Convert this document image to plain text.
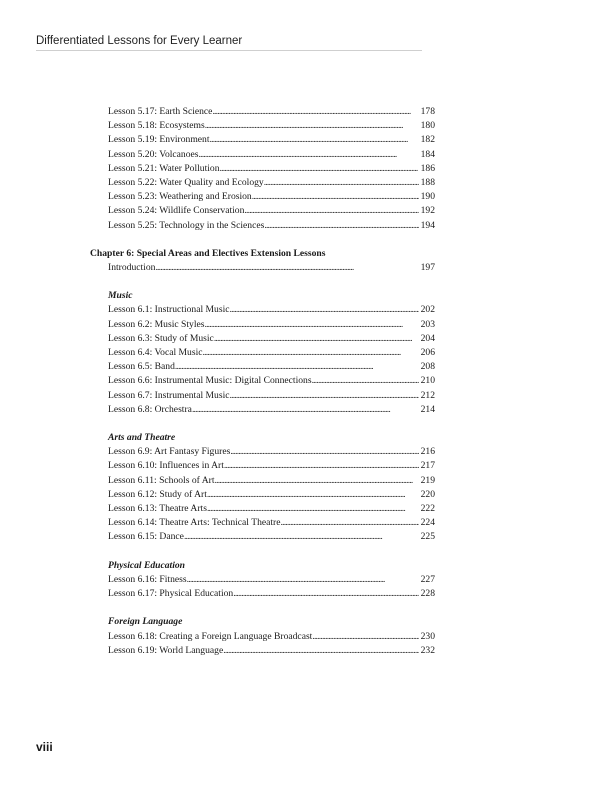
Differentiated Lessons for Every Learner
Lesson 5.17: Earth Science . . .	178
Lesson 5.18: Ecosystems . . .	180
Lesson 5.19: Environment . . .	182
Lesson 5.20: Volcanoes . . .	184
Lesson 5.21: Water Pollution . . .	186
Lesson 5.22: Water Quality and Ecology . . .	188
Lesson 5.23: Weathering and Erosion . . .	190
Lesson 5.24: Wildlife Conservation . . .	192
Lesson 5.25: Technology in the Sciences . . .	194
Chapter 6: Special Areas and Electives Extension Lessons
Introduction . . .	197
Music
Lesson 6.1: Instructional Music . . .	202
Lesson 6.2: Music Styles . . .	203
Lesson 6.3: Study of Music . . .	204
Lesson 6.4: Vocal Music . . .	206
Lesson 6.5: Band . . .	208
Lesson 6.6: Instrumental Music: Digital Connections . . .	210
Lesson 6.7: Instrumental Music . . .	212
Lesson 6.8: Orchestra . . .	214
Arts and Theatre
Lesson 6.9: Art Fantasy Figures . . .	216
Lesson 6.10: Influences in Art . . .	217
Lesson 6.11: Schools of Art . . .	219
Lesson 6.12: Study of Art . . .	220
Lesson 6.13: Theatre Arts . . .	222
Lesson 6.14: Theatre Arts: Technical Theatre . . .	224
Lesson 6.15: Dance . . .	225
Physical Education
Lesson 6.16: Fitness . . .	227
Lesson 6.17: Physical Education . . .	228
Foreign Language
Lesson 6.18: Creating a Foreign Language Broadcast . . .	230
Lesson 6.19: World Language . . .	232
viii
